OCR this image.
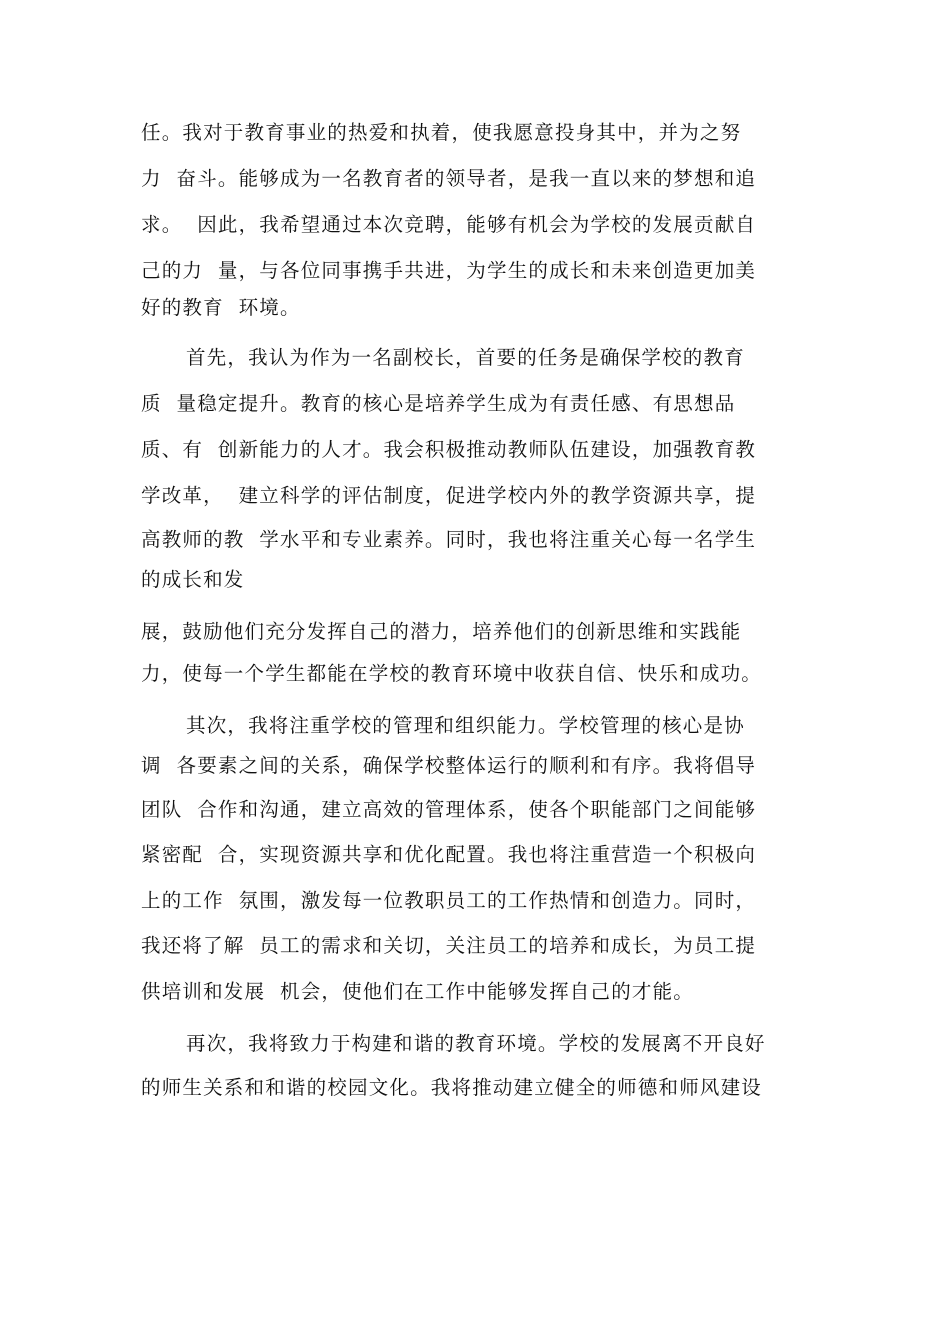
任。我对于教育事业的热爱和执着，使我愿意投身其中，并为之努
力  奋斗。能够成为一名教育者的领导者，是我一直以来的梦想和追
求。  因此，我希望通过本次竞聘，能够有机会为学校的发展贡献自
己的力  量，与各位同事携手共进，为学生的成长和未来创造更加美
好的教育  环境。
首先，我认为作为一名副校长，首要的任务是确保学校的教育
质  量稳定提升。教育的核心是培养学生成为有责任感、有思想品
质、有  创新能力的人才。我会积极推动教师队伍建设，加强教育教
学改革，  建立科学的评估制度，促进学校内外的教学资源共享，提
高教师的教  学水平和专业素养。同时，我也将注重关心每一名学生
的成长和发
展，鼓励他们充分发挥自己的潜力，培养他们的创新思维和实践能
力，使每一个学生都能在学校的教育环境中收获自信、快乐和成功。
其次，我将注重学校的管理和组织能力。学校管理的核心是协
调  各要素之间的关系，确保学校整体运行的顺利和有序。我将倡导
团队  合作和沟通，建立高效的管理体系，使各个职能部门之间能够
紧密配  合，实现资源共享和优化配置。我也将注重营造一个积极向
上的工作  氛围，激发每一位教职员工的工作热情和创造力。同时，
我还将了解  员工的需求和关切，关注员工的培养和成长，为员工提
供培训和发展  机会，使他们在工作中能够发挥自己的才能。
再次，我将致力于构建和谐的教育环境。学校的发展离不开良好
的师生关系和和谐的校园文化。我将推动建立健全的师德和师风建设
